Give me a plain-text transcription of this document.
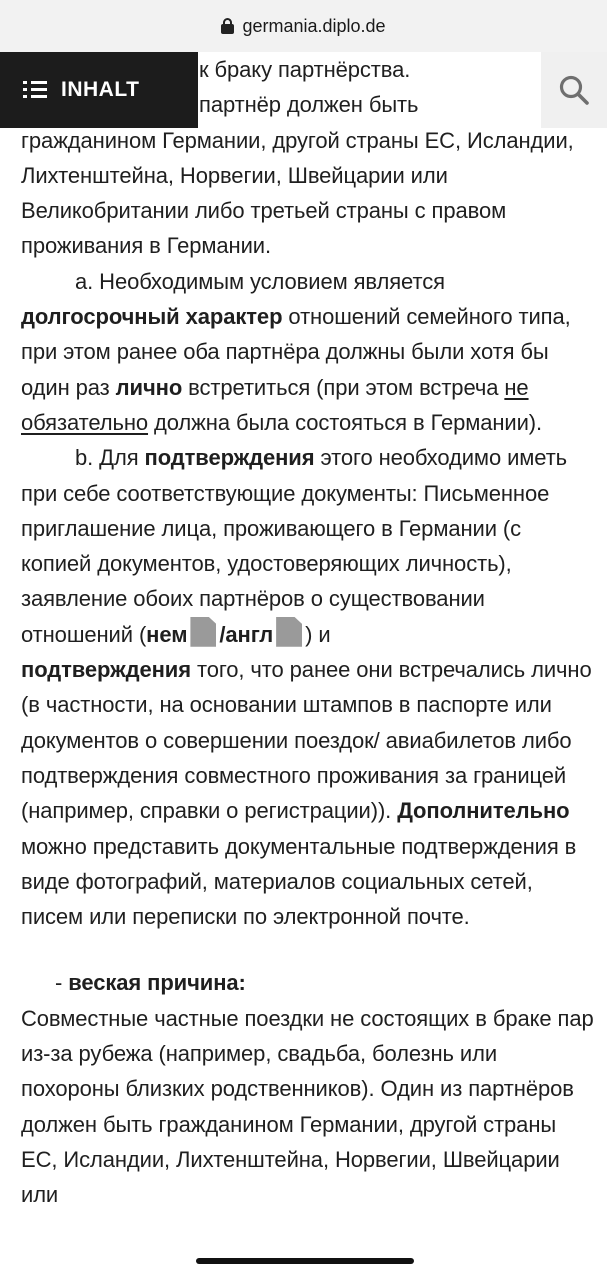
germania.diplo.de

к браку партнёрства.
партнёр должен быть
гражданином Германии, другой страны ЕС, Исландии, Лихтенштейна, Норвегии, Швейцарии или Великобритании либо третьей страны с правом проживания в Германии.

a. Необходимым условием является долгосрочный характер отношений семейного типа, при этом ранее оба партнёра должны были хотя бы один раз лично встретиться (при этом встреча не обязательно должна была состояться в Германии).

b. Для подтверждения этого необходимо иметь при себе соответствующие документы: Письменное приглашение лица, проживающего в Германии (с копией документов, удостоверяющих личность), заявление обоих партнёров о существовании отношений (нем PDF /англ PDF ) и
подтверждения того, что ранее они встречались лично (в частности, на основании штампов в паспорте или документов о совершении поездок/ авиабилетов либо подтверждения совместного проживания за границей (например, справки о регистрации)). Дополнительно можно представить документальные подтверждения в виде фотографий, материалов социальных сетей, писем или переписки по электронной почте.

- веская причина:

Совместные частные поездки не состоящих в браке пар из-за рубежа (например, свадьба, болезнь или похороны близких родственников). Один из партнёров должен быть гражданином Германии, другой страны ЕС, Исландии, Лихтенштейна, Норвегии, Швейцарии или

INHALT
